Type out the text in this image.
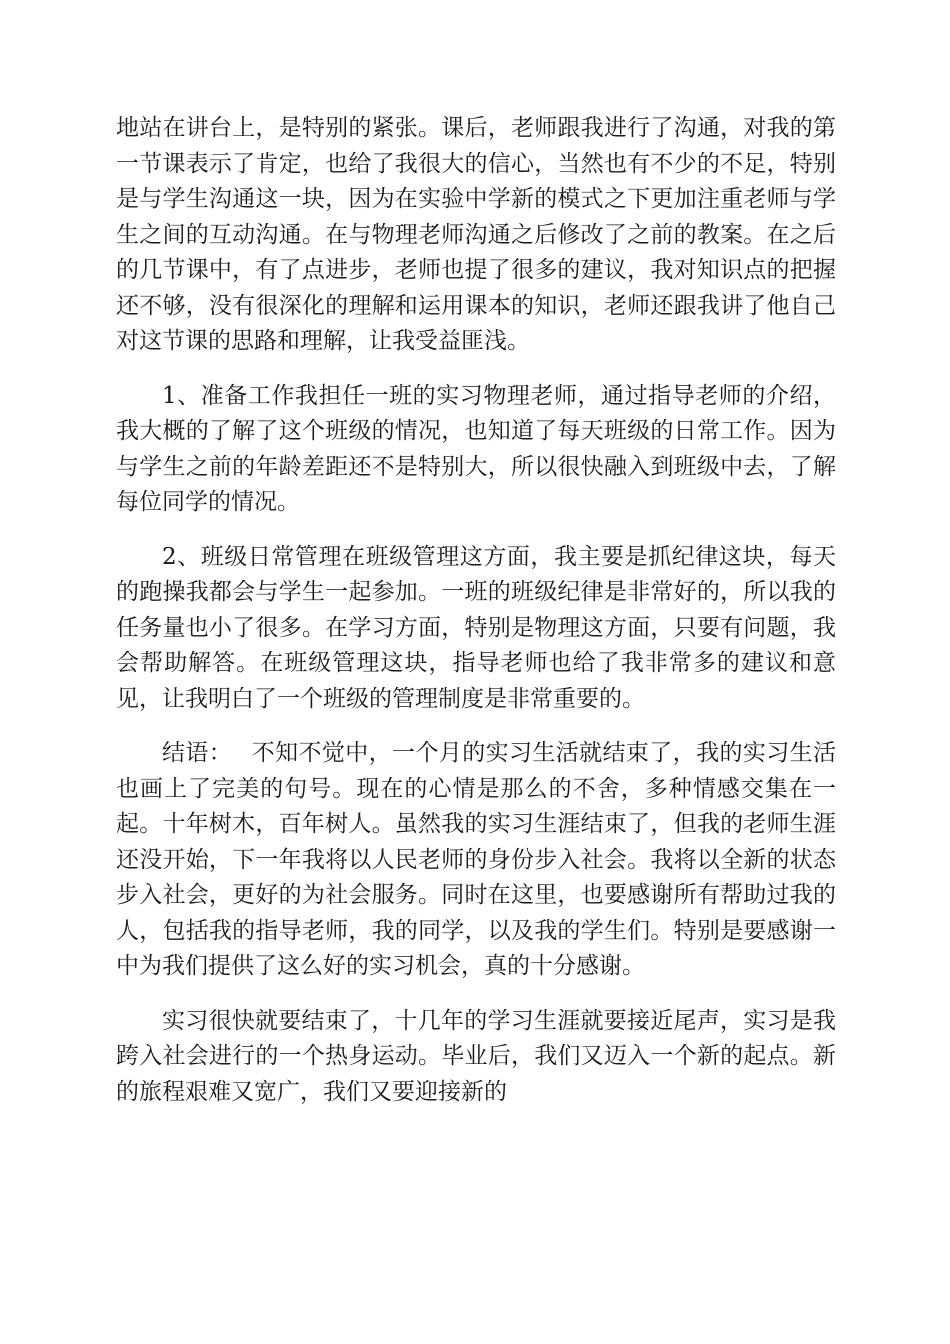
地站在讲台上，是特别的紧张。课后，老师跟我进行了沟通，对我的第一节课表示了肯定，也给了我很大的信心，当然也有不少的不足，特别是与学生沟通这一块，因为在实验中学新的模式之下更加注重老师与学生之间的互动沟通。在与物理老师沟通之后修改了之前的教案。在之后的几节课中，有了点进步，老师也提了很多的建议，我对知识点的把握还不够，没有很深化的理解和运用课本的知识，老师还跟我讲了他自己对这节课的思路和理解，让我受益匪浅。

1、准备工作我担任一班的实习物理老师，通过指导老师的介绍，我大概的了解了这个班级的情况，也知道了每天班级的日常工作。因为与学生之前的年龄差距还不是特别大，所以很快融入到班级中去，了解每位同学的情况。

2、班级日常管理在班级管理这方面，我主要是抓纪律这块，每天的跑操我都会与学生一起参加。一班的班级纪律是非常好的，所以我的任务量也小了很多。在学习方面，特别是物理这方面，只要有问题，我会帮助解答。在班级管理这块，指导老师也给了我非常多的建议和意见，让我明白了一个班级的管理制度是非常重要的。

结语：　 不知不觉中，一个月的实习生活就结束了，我的实习生活也画上了完美的句号。现在的心情是那么的不舍，多种情感交集在一起。十年树木，百年树人。虽然我的实习生涯结束了，但我的老师生涯还没开始，下一年我将以人民老师的身份步入社会。我将以全新的状态步入社会，更好的为社会服务。同时在这里，也要感谢所有帮助过我的人，包括我的指导老师，我的同学，以及我的学生们。特别是要感谢一中为我们提供了这么好的实习机会，真的十分感谢。

实习很快就要结束了，十几年的学习生涯就要接近尾声，实习是我跨入社会进行的一个热身运动。毕业后，我们又迈入一个新的起点。新的旅程艰难又宽广，我们又要迎接新的
